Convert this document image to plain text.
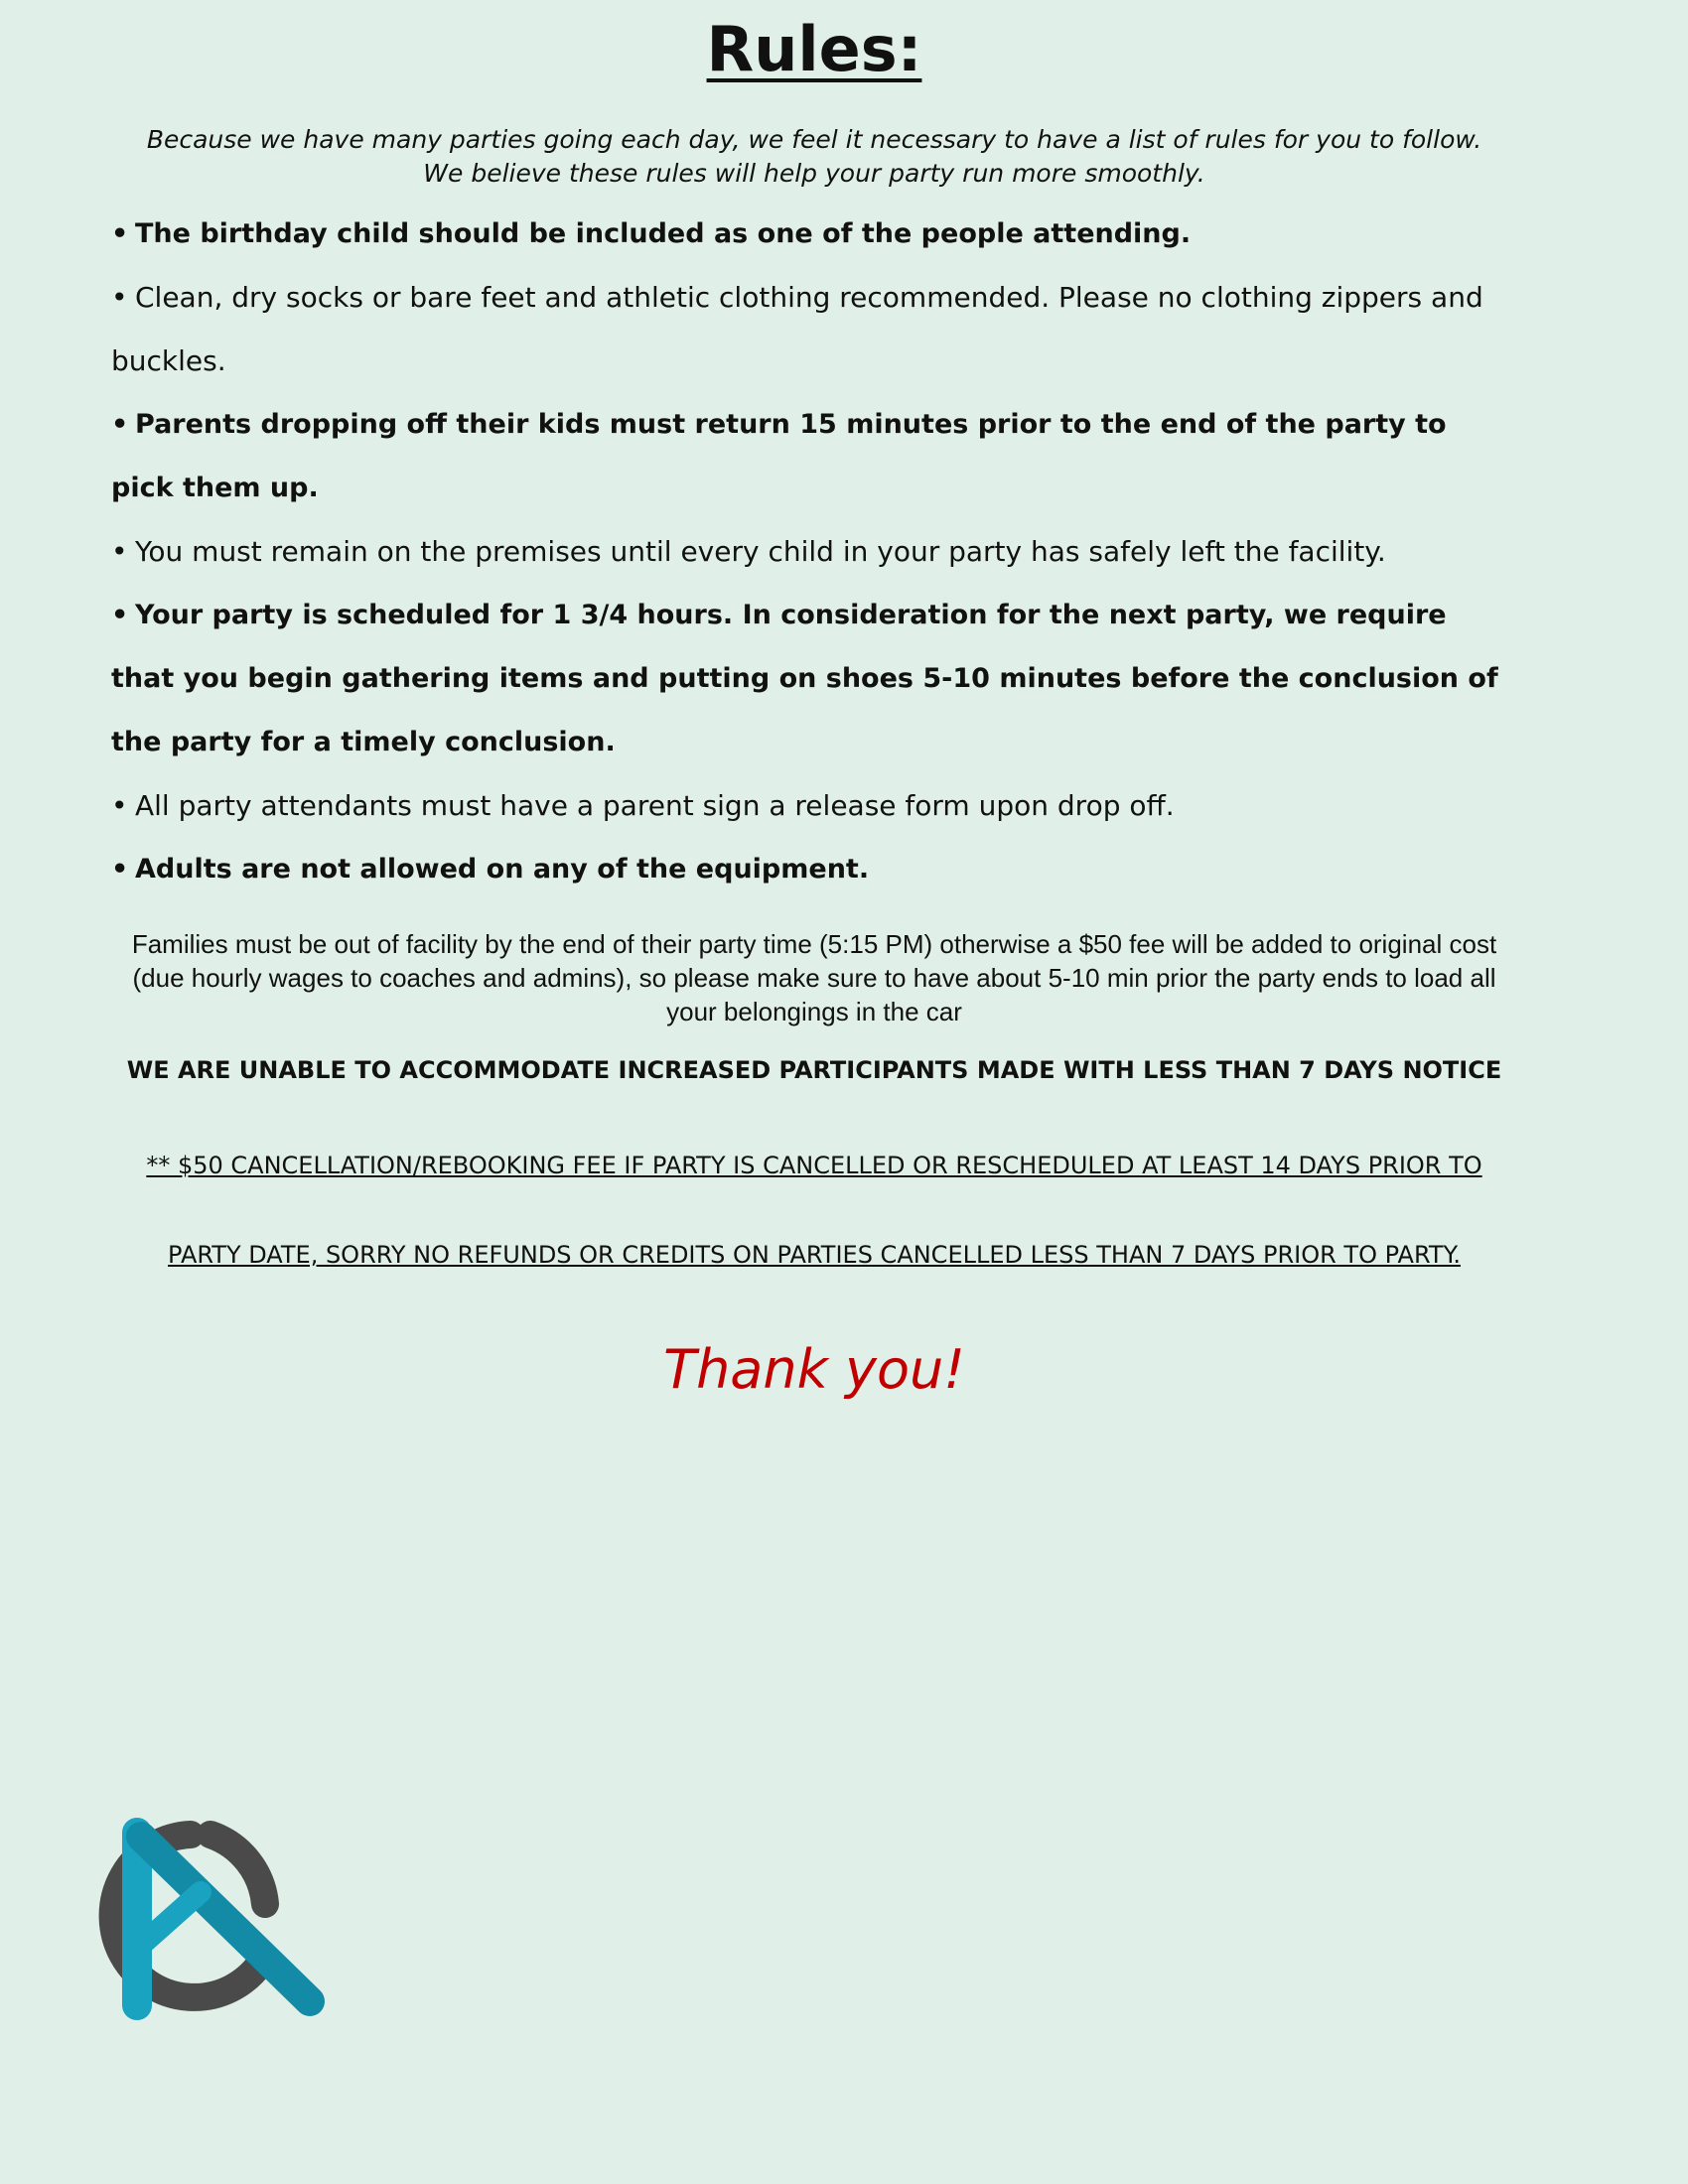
Rules:
Because we have many parties going each day, we feel it necessary to have a list of rules for you to follow.
We believe these rules will help your party run more smoothly.
• The birthday child should be included as one of the people attending.
• Clean, dry socks or bare feet and athletic clothing recommended. Please no clothing zippers and buckles.
• Parents dropping off their kids must return 15 minutes prior to the end of the party to pick them up.
• You must remain on the premises until every child in your party has safely left the facility.
• Your party is scheduled for 1 3/4 hours. In consideration for the next party, we require that you begin gathering items and putting on shoes 5-10 minutes before the conclusion of the party for a timely conclusion.
• All party attendants must have a parent sign a release form upon drop off.
• Adults are not allowed on any of the equipment.

Families must be out of facility by the end of their party time (5:15 PM) otherwise a $50 fee will be added to original cost (due hourly wages to coaches and admins), so please make sure to have about 5-10 min prior the party ends to load all your belongings in the car

WE ARE UNABLE TO ACCOMMODATE INCREASED PARTICIPANTS MADE WITH LESS THAN 7 DAYS NOTICE

** $50 CANCELLATION/REBOOKING FEE IF PARTY IS CANCELLED OR RESCHEDULED AT LEAST 14 DAYS PRIOR TO

PARTY DATE, SORRY NO REFUNDS OR CREDITS ON PARTIES CANCELLED LESS THAN 7 DAYS PRIOR TO PARTY.

Thank you!
